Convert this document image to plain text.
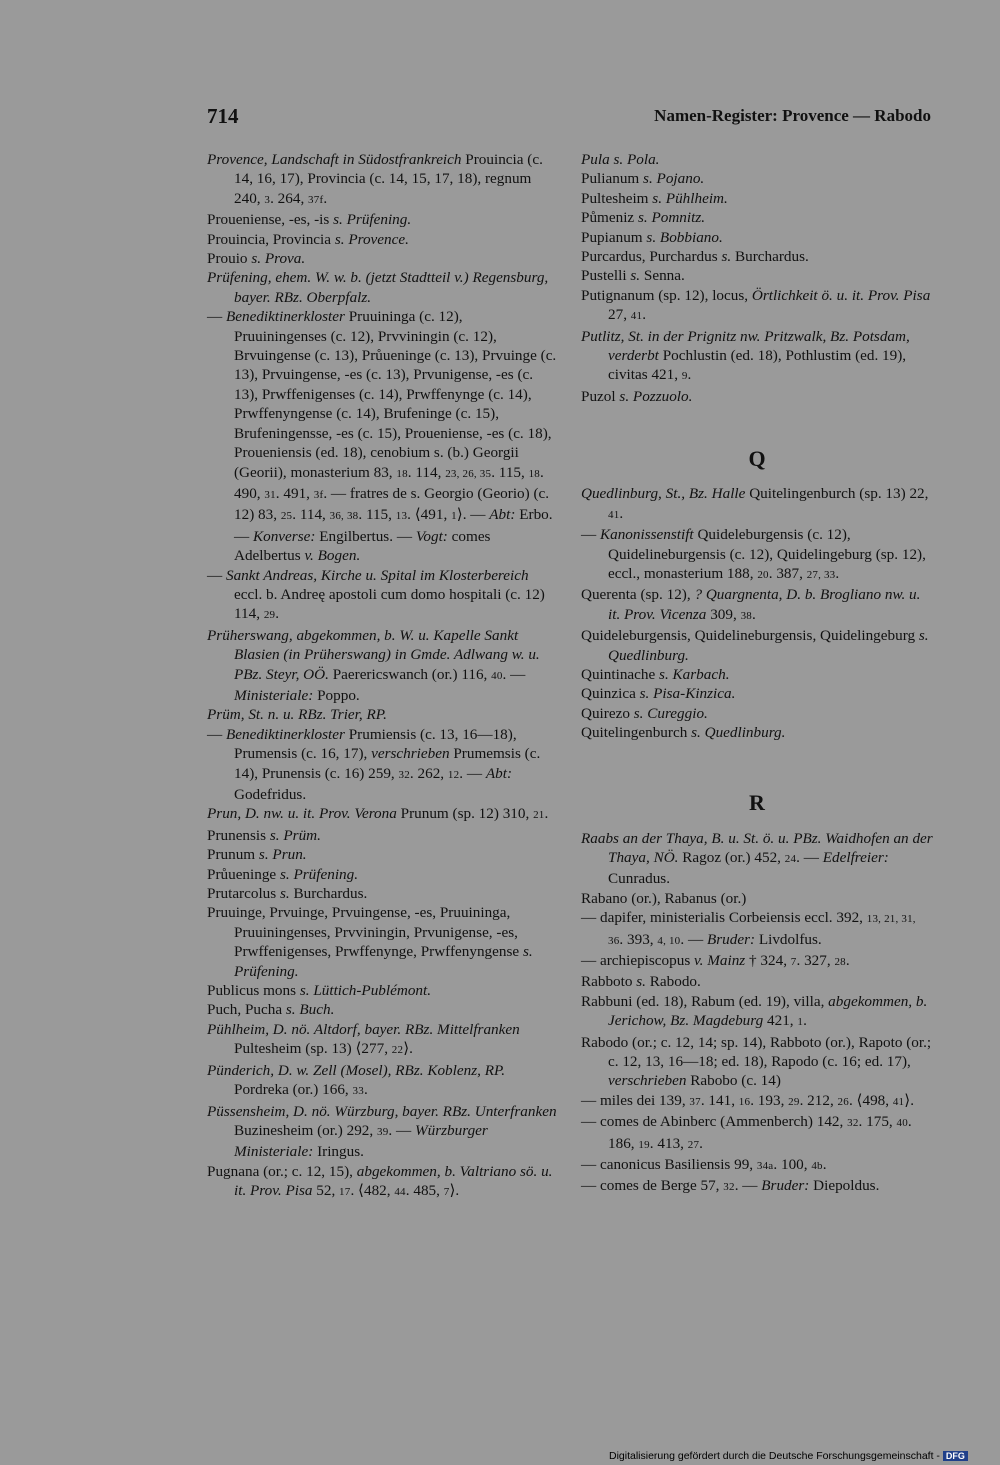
714	Namen-Register: Provence — Rabodo

Provence, Landschaft in Südostfrankreich Prouincia (c. 14, 16, 17), Provincia (c. 14, 15, 17, 18), regnum 240, 3. 264, 37f.

Proueniense, -es, -is s. Prüfening.

Prouincia, Provincia s. Provence.

Prouio s. Prova.

Prüfening, ehem. W. w. b. (jetzt Stadtteil v.) Regensburg, bayer. RBz. Oberpfalz.

— Benediktinerkloster Pruuininga (c. 12), Pruuiningenses (c. 12), Prvviningin (c. 12), Brvuingense (c. 13), Průueninge (c. 13), Prvuinge (c. 13), Prvuingense, -es (c. 13), Prvunigense, -es (c. 13), Prwffenigenses (c. 14), Prwffenynge (c. 14), Prwffenyngense (c. 14), Brufeninge (c. 15), Brufeningensse, -es (c. 15), Proueniense, -es (c. 18), Proueniensis (ed. 18), cenobium s. (b.) Georgii (Georii), monasterium 83, 18. 114, 23, 26, 35. 115, 18. 490, 31. 491, 3f. — fratres de s. Georgio (Georio) (c. 12) 83, 25. 114, 36, 38. 115, 13. ⟨491, 1⟩. — Abt: Erbo. — Konverse: Engilbertus. — Vogt: comes Adelbertus v. Bogen.

— Sankt Andreas, Kirche u. Spital im Klosterbereich eccl. b. Andreę apostoli cum domo hospitali (c. 12) 114, 29.

Prüherswang, abgekommen, b. W. u. Kapelle Sankt Blasien (in Prüherswang) in Gmde. Adlwang w. u. PBz. Steyr, OÖ. Paerericswanch (or.) 116, 40. — Ministeriale: Poppo.

Prüm, St. n. u. RBz. Trier, RP.

— Benediktinerkloster Prumiensis (c. 13, 16—18), Prumensis (c. 16, 17), verschrieben Prumemsis (c. 14), Prunensis (c. 16) 259, 32. 262, 12. — Abt: Godefridus.

Prun, D. nw. u. it. Prov. Verona Prunum (sp. 12) 310, 21.

Prunensis s. Prüm.

Prunum s. Prun.

Průueninge s. Prüfening.

Prutarcolus s. Burchardus.

Pruuinge, Prvuinge, Prvuingense, -es, Pruuininga, Pruuiningenses, Prvviningin, Prvunigense, -es, Prwffenigenses, Prwffenynge, Prwffenyngense s. Prüfening.

Publicus mons s. Lüttich-Publémont.

Puch, Pucha s. Buch.

Pühlheim, D. nö. Altdorf, bayer. RBz. Mittelfranken Pultesheim (sp. 13) ⟨277, 22⟩.

Pünderich, D. w. Zell (Mosel), RBz. Koblenz, RP. Pordreka (or.) 166, 33.

Püssensheim, D. nö. Würzburg, bayer. RBz. Unterfranken Buzinesheim (or.) 292, 39. — Würzburger Ministeriale: Iringus.

Pugnana (or.; c. 12, 15), abgekommen, b. Valtriano sö. u. it. Prov. Pisa 52, 17. ⟨482, 44. 485, 7⟩.

Pula s. Pola.

Pulianum s. Pojano.

Pultesheim s. Pühlheim.

Půmeniz s. Pomnitz.

Pupianum s. Bobbiano.

Purcardus, Purchardus s. Burchardus.

Pustelli s. Senna.

Putignanum (sp. 12), locus, Örtlichkeit ö. u. it. Prov. Pisa 27, 41.

Putlitz, St. in der Prignitz nw. Pritzwalk, Bz. Potsdam, verderbt Pochlustin (ed. 18), Pothlustim (ed. 19), civitas 421, 9.

Puzol s. Pozzuolo.

Q

Quedlinburg, St., Bz. Halle Quitelingenburch (sp. 13) 22, 41.

— Kanonissenstift Quideleburgensis (c. 12), Quidelineburgensis (c. 12), Quidelingeburg (sp. 12), eccl., monasterium 188, 20. 387, 27, 33.

Querenta (sp. 12), ? Quargnenta, D. b. Brogliano nw. u. it. Prov. Vicenza 309, 38.

Quideleburgensis, Quidelineburgensis, Quidelingeburg s. Quedlinburg.

Quintinache s. Karbach.

Quinzica s. Pisa-Kinzica.

Quirezo s. Cureggio.

Quitelingenburch s. Quedlinburg.

R

Raabs an der Thaya, B. u. St. ö. u. PBz. Waidhofen an der Thaya, NÖ. Ragoz (or.) 452, 24. — Edelfreier: Cunradus.

Rabano (or.), Rabanus (or.)

— dapifer, ministerialis Corbeiensis eccl. 392, 13, 21, 31, 36. 393, 4, 10. — Bruder: Livdolfus.

— archiepiscopus v. Mainz † 324, 7. 327, 28.

Rabboto s. Rabodo.

Rabbuni (ed. 18), Rabum (ed. 19), villa, abgekommen, b. Jerichow, Bz. Magdeburg 421, 1.

Rabodo (or.; c. 12, 14; sp. 14), Rabboto (or.), Rapoto (or.; c. 12, 13, 16—18; ed. 18), Rapodo (c. 16; ed. 17), verschrieben Rabobo (c. 14)

— miles dei 139, 37. 141, 16. 193, 29. 212, 26. ⟨498, 41⟩.

— comes de Abinberc (Ammenberch) 142, 32. 175, 40. 186, 19. 413, 27.

— canonicus Basiliensis 99, 34a. 100, 4b.

— comes de Berge 57, 32. — Bruder: Diepoldus.

Digitalisierung gefördert durch die Deutsche Forschungsgemeinschaft - DFG
